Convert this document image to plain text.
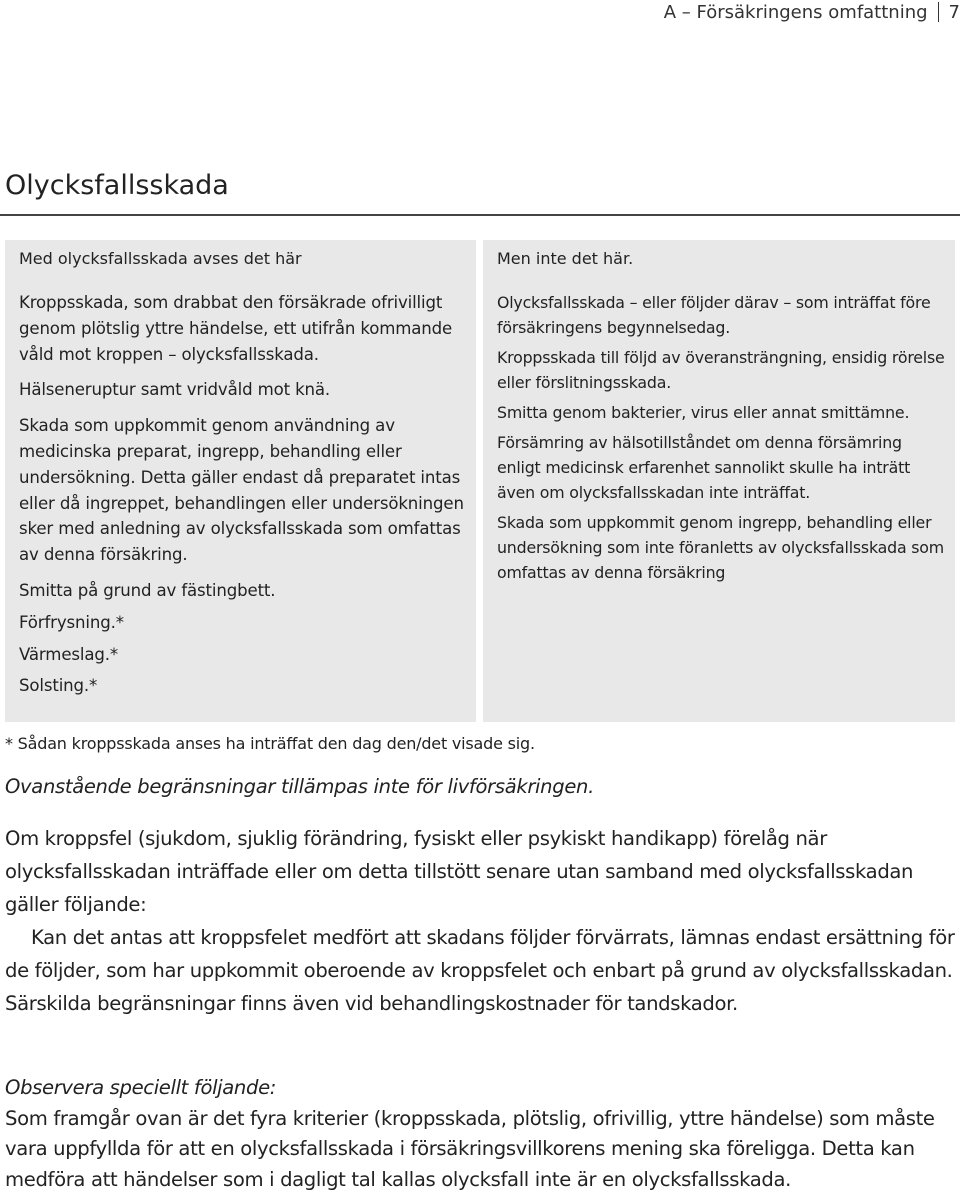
A – Försäkringens omfattning 7
Olycksfallsskada
Med olycksfallsskada avses det här

Kroppsskada, som drabbat den försäkrade ofrivilligt genom plötslig yttre händelse, ett utifrån kommande våld mot kroppen – olycksfallsskada.

Hälseneruptur samt vridvåld mot knä.

Skada som uppkommit genom användning av medicinska preparat, ingrepp, behandling eller undersökning. Detta gäller endast då preparatet intas eller då ingreppet, behandlingen eller undersökningen sker med anledning av olycksfallsskada som omfattas av denna försäkring.

Smitta på grund av fästingbett.

Förfrysning.*

Värmeslag.*

Solsting.*

Men inte det här.

Olycksfallsskada – eller följder därav – som inträffat före försäkringens begynnelsedag.

Kroppsskada till följd av överansträngning, ensidig rörelse eller förslitningsskada.

Smitta genom bakterier, virus eller annat smittämne.

Försämring av hälsotillståndet om denna försämring enligt medicinsk erfarenhet sannolikt skulle ha inträtt även om olycksfallsskadan inte inträffat.

Skada som uppkommit genom ingrepp, behandling eller undersökning som inte föranletts av olycksfallsskada som omfattas av denna försäkring

* Sådan kroppsskada anses ha inträffat den dag den/det visade sig.
Ovanstående begränsningar tillämpas inte för livförsäkringen.

Om kroppsfel (sjukdom, sjuklig förändring, fysiskt eller psykiskt handikapp) förelåg när olycksfallsskadan inträffade eller om detta tillstött senare utan samband med olycksfallsskadan gäller följande:

Kan det antas att kroppsfelet medfört att skadans följder förvärrats, lämnas endast ersättning för de följder, som har uppkommit oberoende av kroppsfelet och enbart på grund av olycksfallsskadan. Särskilda begränsningar finns även vid behandlingskostnader för tandskador.

Observera speciellt följande:

Som framgår ovan är det fyra kriterier (kroppsskada, plötslig, ofrivillig, yttre händelse) som måste vara uppfyllda för att en olycksfallsskada i försäkringsvillkorens mening ska föreligga. Detta kan medföra att händelser som i dagligt tal kallas olycksfall inte är en olycksfallsskada.
